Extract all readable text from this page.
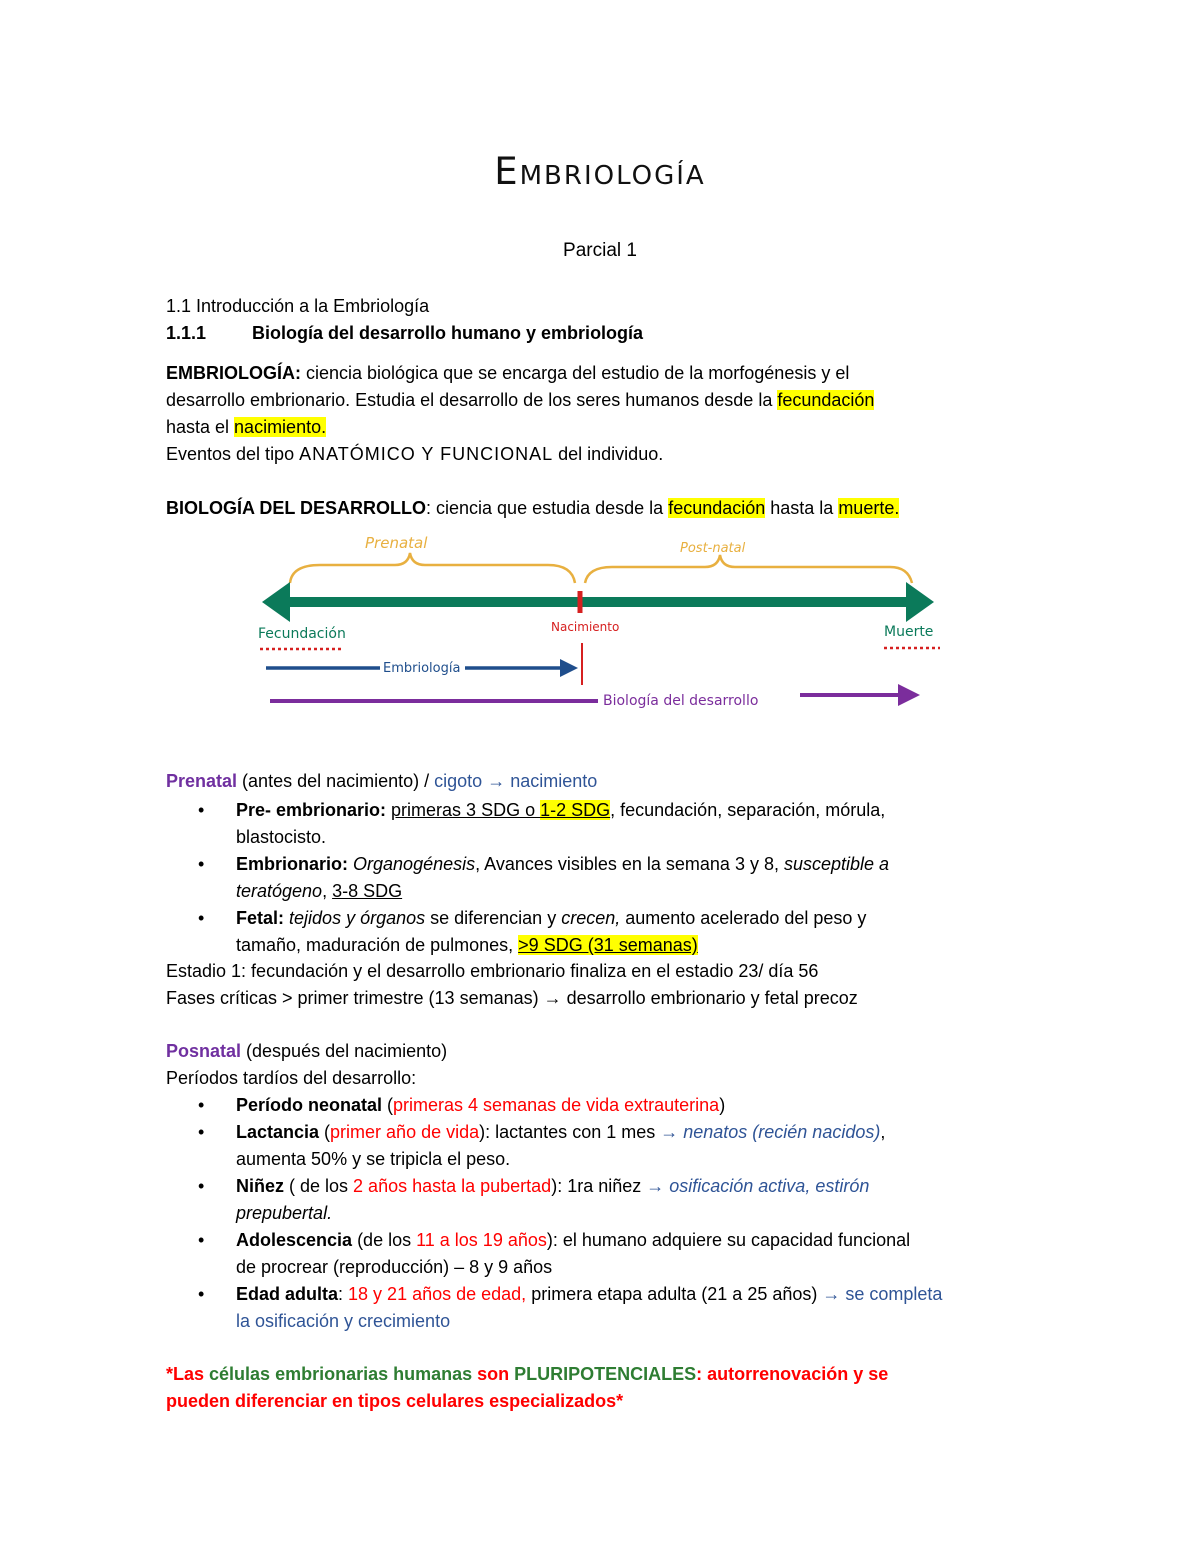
Embriología
Parcial 1
1.1 Introducción a la Embriología
1.1.1	Biología del desarrollo humano y embriología
EMBRIOLOGÍA: ciencia biológica que se encarga del estudio de la morfogénesis y el
desarrollo embrionario. Estudia el desarrollo de los seres humanos desde la fecundación
hasta el nacimiento.
Eventos del tipo ANATÓMICO Y FUNCIONAL del individuo.
BIOLOGÍA DEL DESARROLLO: ciencia que estudia desde la fecundación hasta la muerte.
Prenatal	Post-natal
Fecundación	Nacimiento	Muerte
Embriología
Biología del desarrollo
Prenatal (antes del nacimiento) / cigoto → nacimiento
• Pre- embrionario: primeras 3 SDG o 1-2 SDG, fecundación, separación, mórula,
blastocisto.
• Embrionario: Organogénesis, Avances visibles en la semana 3 y 8, susceptible a
teratógeno, 3-8 SDG
• Fetal: tejidos y órganos se diferencian y crecen, aumento acelerado del peso y
tamaño, maduración de pulmones, >9 SDG (31 semanas)
Estadio 1: fecundación y el desarrollo embrionario finaliza en el estadio 23/ día 56
Fases críticas > primer trimestre (13 semanas) → desarrollo embrionario y fetal precoz
Posnatal (después del nacimiento)
Períodos tardíos del desarrollo:
• Período neonatal (primeras 4 semanas de vida extrauterina)
• Lactancia (primer año de vida): lactantes con 1 mes → nenatos (recién nacidos),
aumenta 50% y se tripicla el peso.
• Niñez ( de los 2 años hasta la pubertad): 1ra niñez → osificación activa, estirón
prepubertal.
• Adolescencia (de los 11 a los 19 años): el humano adquiere su capacidad funcional
de procrear (reproducción) – 8 y 9 años
• Edad adulta: 18 y 21 años de edad, primera etapa adulta (21 a 25 años) → se completa
la osificación y crecimiento
*Las células embrionarias humanas son PLURIPOTENCIALES: autorrenovación y se
pueden diferenciar en tipos celulares especializados*
